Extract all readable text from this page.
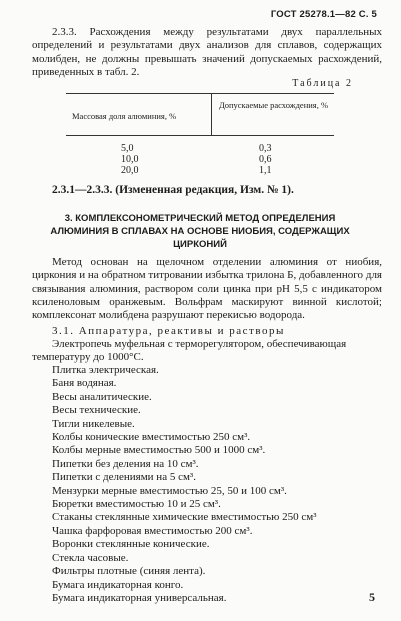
ГОСТ 25278.1—82 С. 5
2.3.3. Расхождения между результатами двух параллельных определений и результатами двух анализов для сплавов, содержащих молибден, не должны превышать значений допускаемых расхождений, приведенных в табл. 2.
Таблица 2
Массовая доля алюминия, %
Допускаемые расхождения, %
5,0	0,3
10,0	0,6
20,0	1,1
2.3.1—2.3.3. (Измененная редакция, Изм. № 1).
3. КОМПЛЕКСОНОМЕТРИЧЕСКИЙ МЕТОД ОПРЕДЕЛЕНИЯ АЛЮМИНИЯ В СПЛАВАХ НА ОСНОВЕ НИОБИЯ, СОДЕРЖАЩИХ ЦИРКОНИЙ
Метод основан на щелочном отделении алюминия от ниобия, циркония и на обратном титровании избытка трилона Б, добавленного для связывания алюминия, раствором соли цинка при рН 5,5 с индикатором ксиленоловым оранжевым. Вольфрам маскируют винной кислотой; комплексонат молибдена разрушают перекисью водорода.
3.1. Аппаратура, реактивы и растворы
Электропечь муфельная с терморегулятором, обеспечивающая температуру до 1000°С.
Плитка электрическая.
Баня водяная.
Весы аналитические.
Весы технические.
Тигли никелевые.
Колбы конические вместимостью 250 см³.
Колбы мерные вместимостью 500 и 1000 см³.
Пипетки без деления на 10 см³.
Пипетки с делениями на 5 см³.
Мензурки мерные вместимостью 25, 50 и 100 см³.
Бюретки вместимостью 10 и 25 см³.
Стаканы стеклянные химические вместимостью 250 см³
Чашка фарфоровая вместимостью 200 см³.
Воронки стеклянные конические.
Стекла часовые.
Фильтры плотные (синяя лента).
Бумага индикаторная конго.
Бумага индикаторная универсальная.	5
